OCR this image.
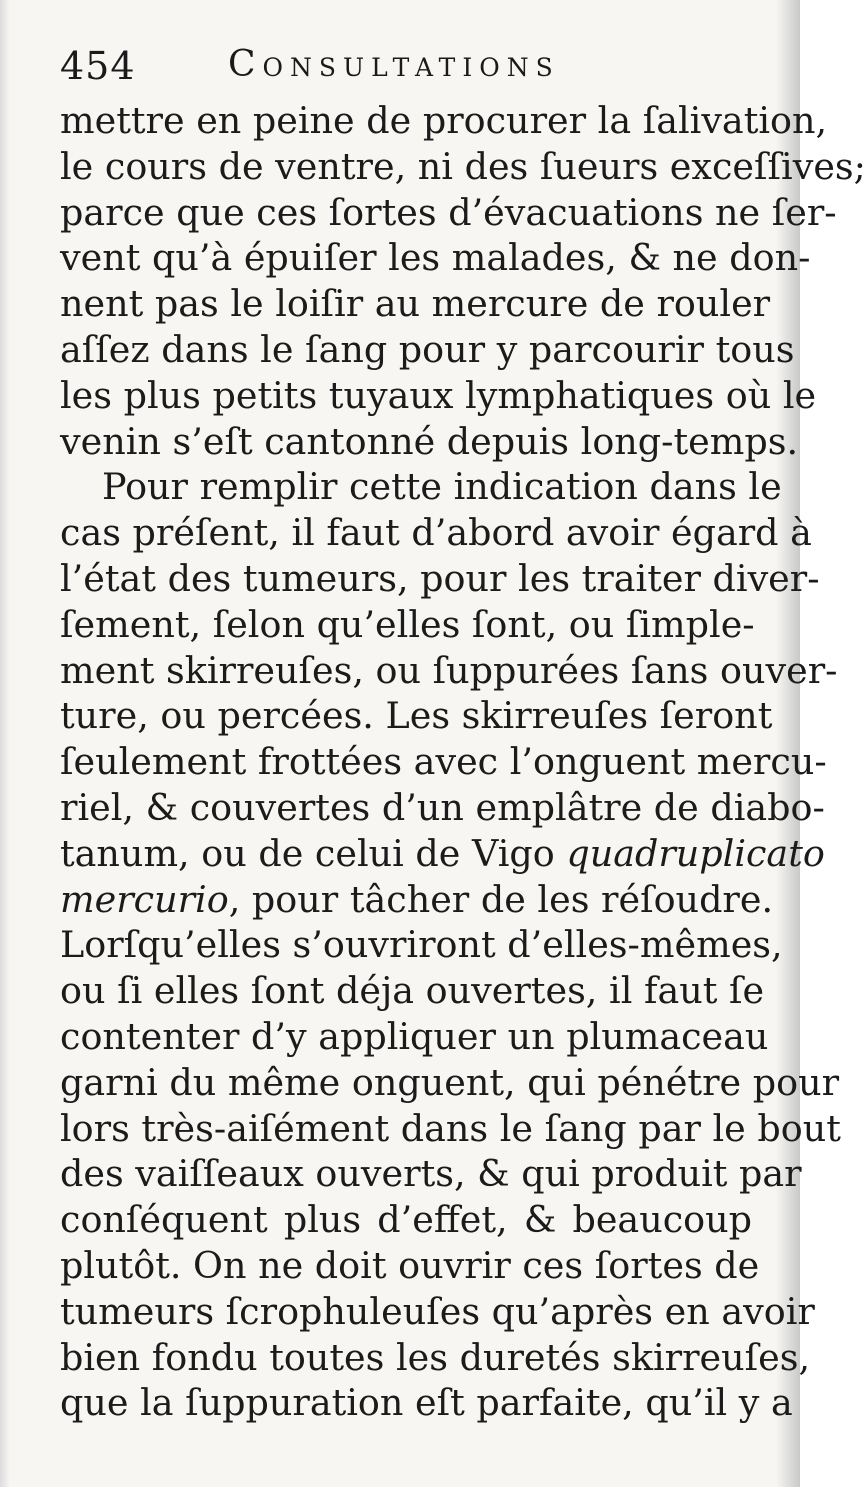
454	Consultations
mettre en peine de procurer la ſalivation,
le cours de ventre, ni des ſueurs exceſſives;
parce que ces ſortes d’évacuations ne ſer-
vent qu’à épuiſer les malades, & ne don-
nent pas le loiſir au mercure de rouler
aſſez dans le ſang pour y parcourir tous
les plus petits tuyaux lymphatiques où le
venin s’eſt cantonné depuis long-temps.
Pour remplir cette indication dans le
cas préſent, il faut d’abord avoir égard à
l’état des tumeurs, pour les traiter diver-
ſement, ſelon qu’elles ſont, ou ſimple-
ment skirreuſes, ou ſuppurées ſans ouver-
ture, ou percées. Les skirreuſes ſeront
ſeulement frottées avec l’onguent mercu-
riel, & couvertes d’un emplâtre de diabo-
tanum, ou de celui de Vigo quadruplicato
mercurio, pour tâcher de les réſoudre.
Lorſqu’elles s’ouvriront d’elles-mêmes,
ou ſi elles ſont déja ouvertes, il faut ſe
contenter d’y appliquer un plumaceau
garni du même onguent, qui pénétre pour
lors très-aiſément dans le ſang par le bout
des vaiſſeaux ouverts, & qui produit par
conſéquent plus d’effet, & beaucoup
plutôt. On ne doit ouvrir ces ſortes de
tumeurs ſcrophuleuſes qu’après en avoir
bien fondu toutes les duretés skirreuſes,
que la ſuppuration eſt parfaite, qu’il y a
